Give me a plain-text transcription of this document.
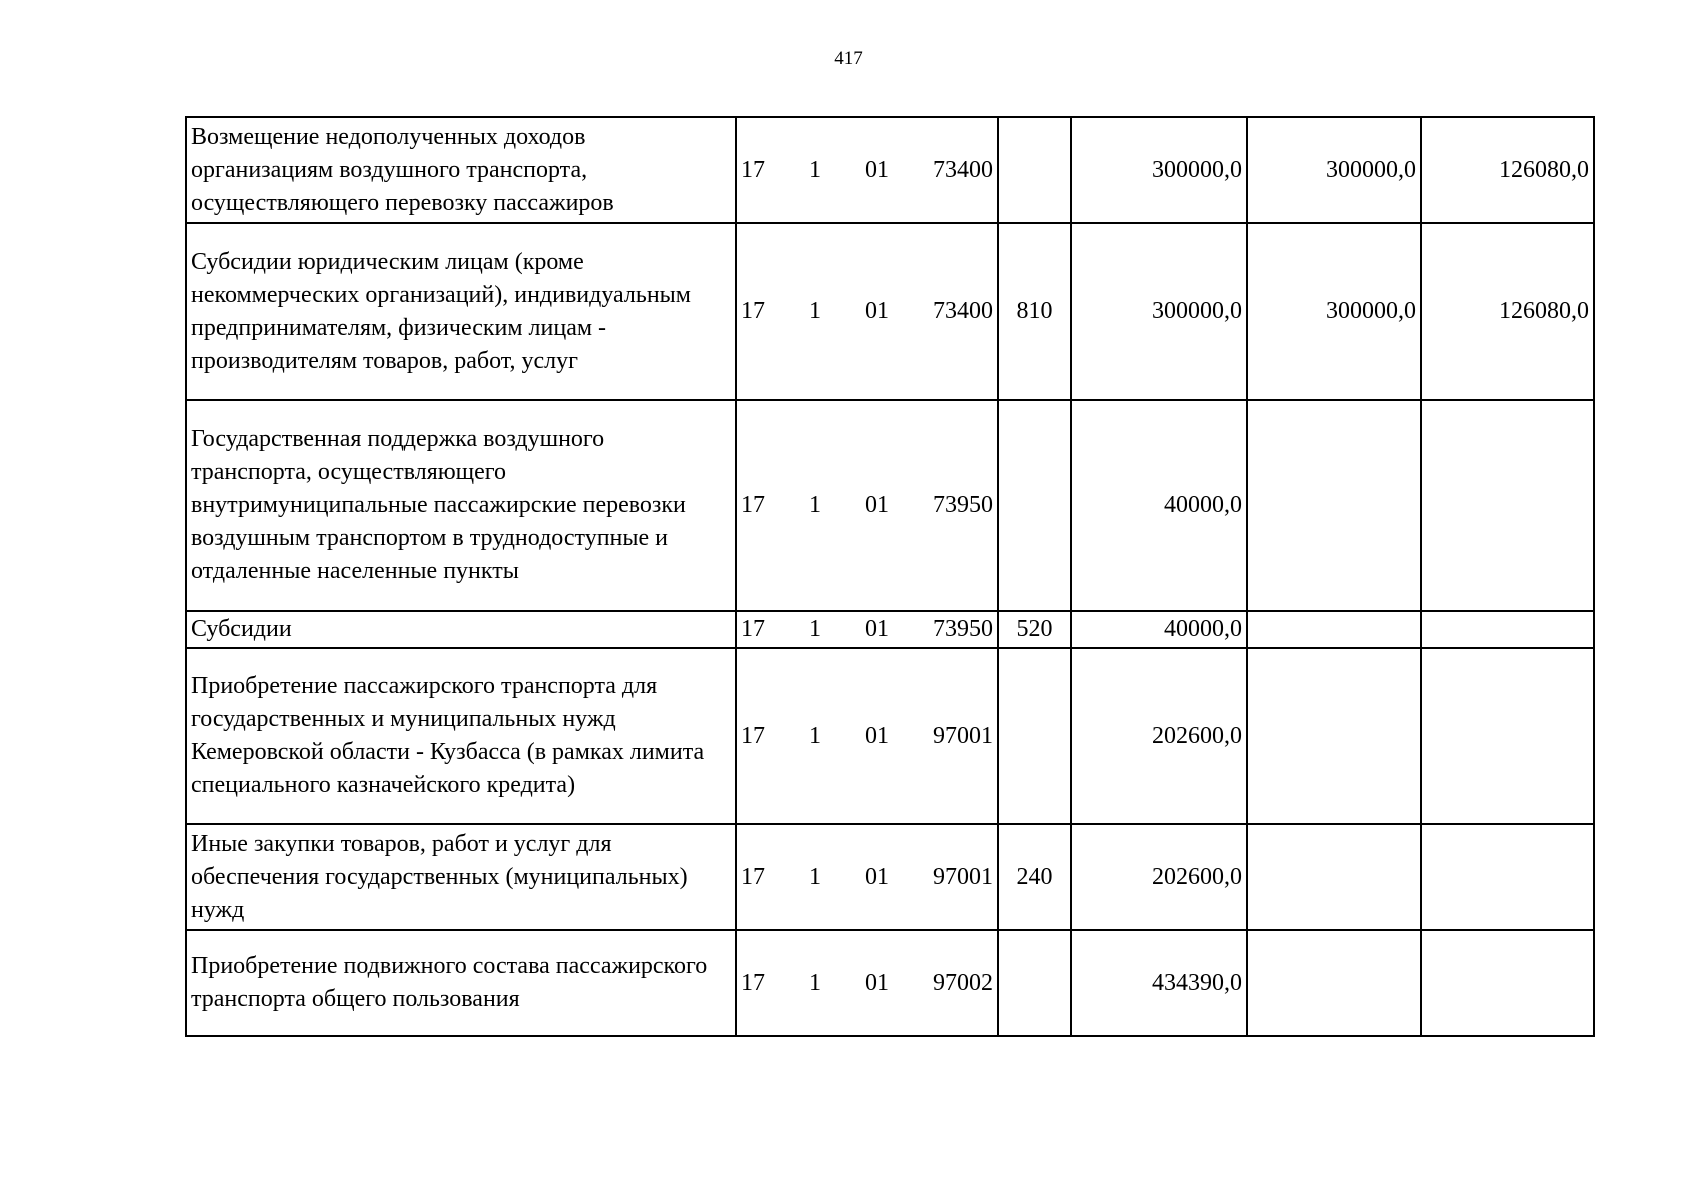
417
Возмещение недополученных доходов организациям воздушного транспорта, осуществляющего перевозку пассажиров	17 1 01 73400		300000,0	300000,0	126080,0
Субсидии юридическим лицам (кроме некоммерческих организаций), индивидуальным предпринимателям, физическим лицам - производителям товаров, работ, услуг	17 1 01 73400	810	300000,0	300000,0	126080,0
Государственная поддержка воздушного транспорта, осуществляющего внутримуниципальные пассажирские перевозки воздушным транспортом в труднодоступные и отдаленные населенные пункты	17 1 01 73950		40000,0		
Субсидии	17 1 01 73950	520	40000,0		
Приобретение пассажирского транспорта для государственных и муниципальных нужд Кемеровской области - Кузбасса (в рамках лимита специального казначейского кредита)	17 1 01 97001		202600,0		
Иные закупки товаров, работ и услуг для обеспечения государственных (муниципальных) нужд	17 1 01 97001	240	202600,0		
Приобретение подвижного состава пассажирского транспорта общего пользования	17 1 01 97002		434390,0		
